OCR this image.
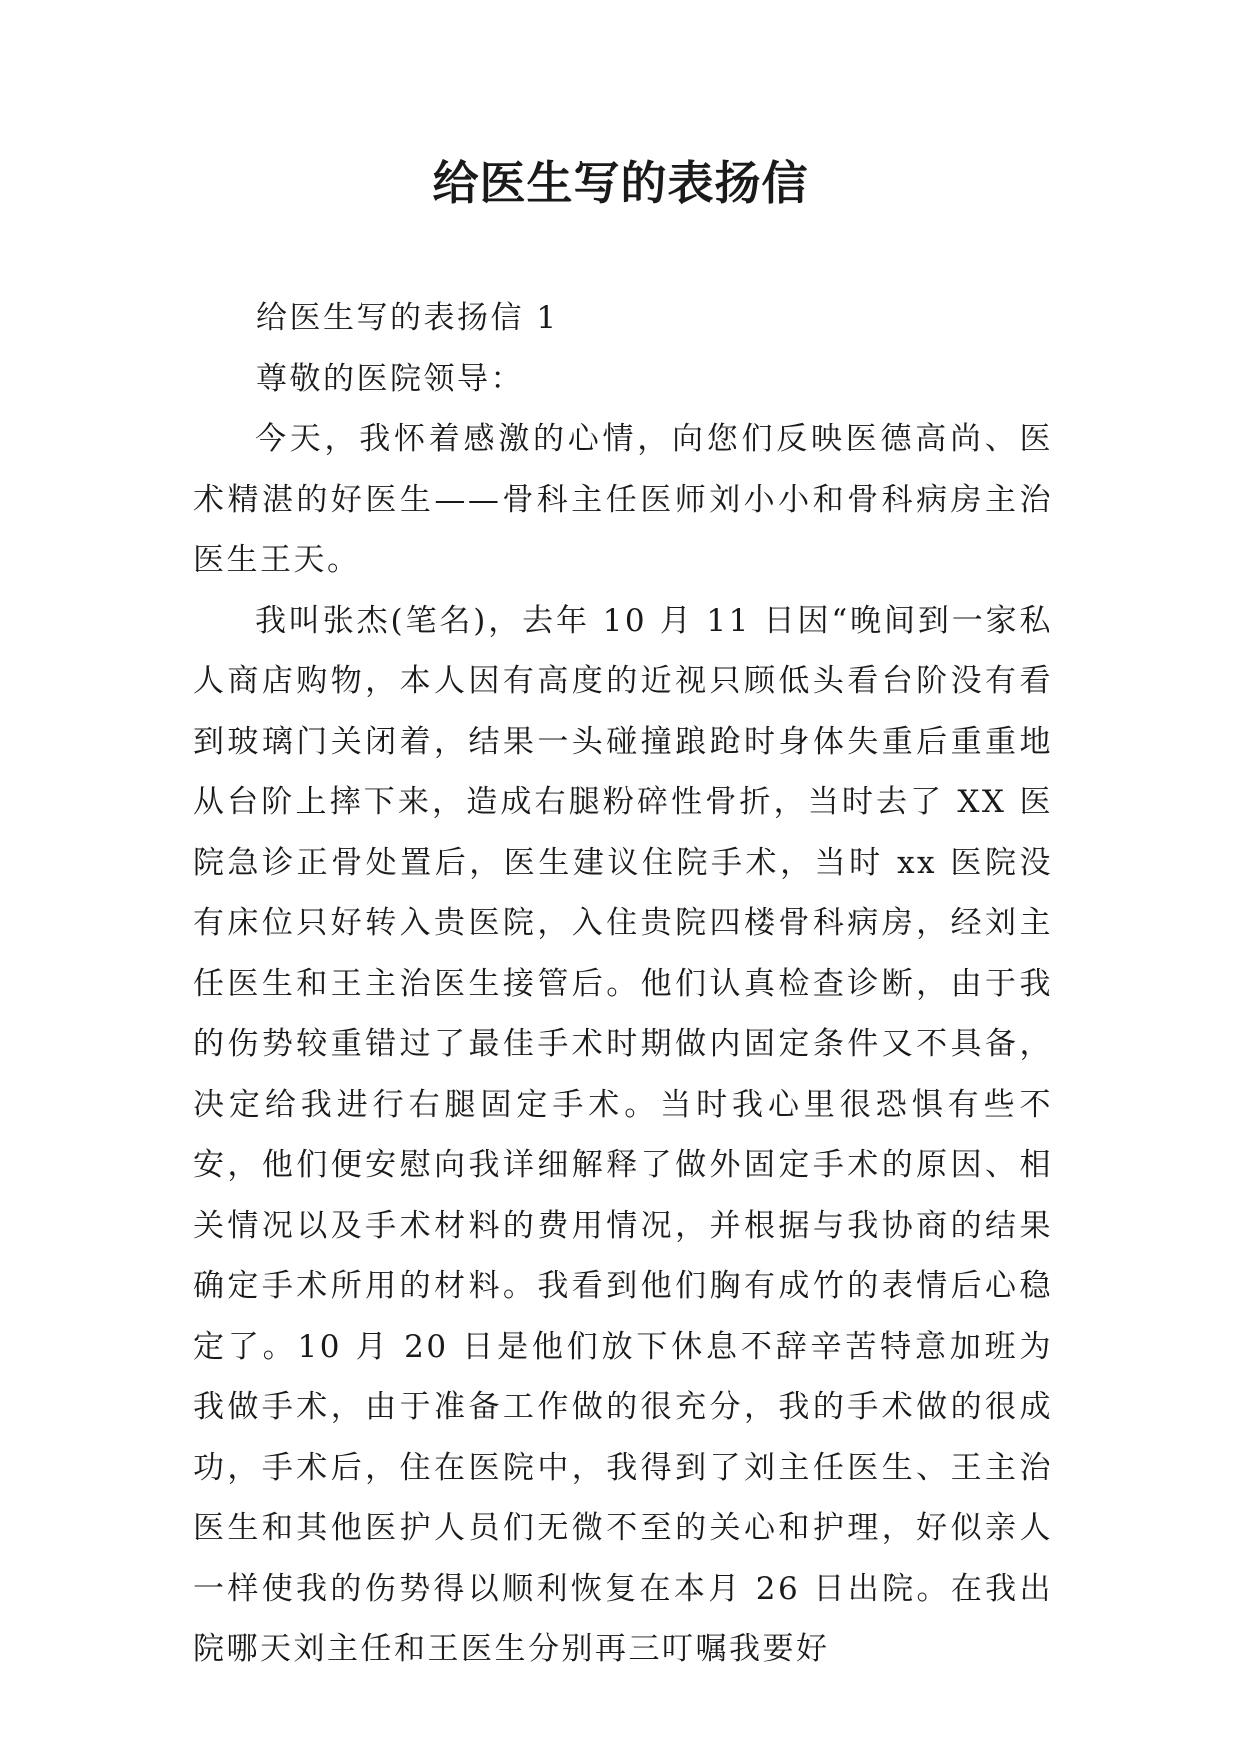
给医生写的表扬信

给医生写的表扬信 1

尊敬的医院领导：

今天，我怀着感激的心情，向您们反映医德高尚、医术精湛的好医生——骨科主任医师刘小小和骨科病房主治医生王天。

我叫张杰(笔名)，去年 10 月 11 日因“晚间到一家私人商店购物，本人因有高度的近视只顾低头看台阶没有看到玻璃门关闭着，结果一头碰撞踉跄时身体失重后重重地从台阶上摔下来，造成右腿粉碎性骨折，当时去了 XX 医院急诊正骨处置后，医生建议住院手术，当时 xx 医院没有床位只好转入贵医院，入住贵院四楼骨科病房，经刘主任医生和王主治医生接管后。他们认真检查诊断，由于我的伤势较重错过了最佳手术时期做内固定条件又不具备，决定给我进行右腿固定手术。当时我心里很恐惧有些不安，他们便安慰向我详细解释了做外固定手术的原因、相关情况以及手术材料的费用情况，并根据与我协商的结果确定手术所用的材料。我看到他们胸有成竹的表情后心稳定了。10 月 20 日是他们放下休息不辞辛苦特意加班为我做手术，由于准备工作做的很充分，我的手术做的很成功，手术后，住在医院中，我得到了刘主任医生、王主治医生和其他医护人员们无微不至的关心和护理，好似亲人一样使我的伤势得以顺利恢复在本月 26 日出院。在我出院哪天刘主任和王医生分别再三叮嘱我要好
